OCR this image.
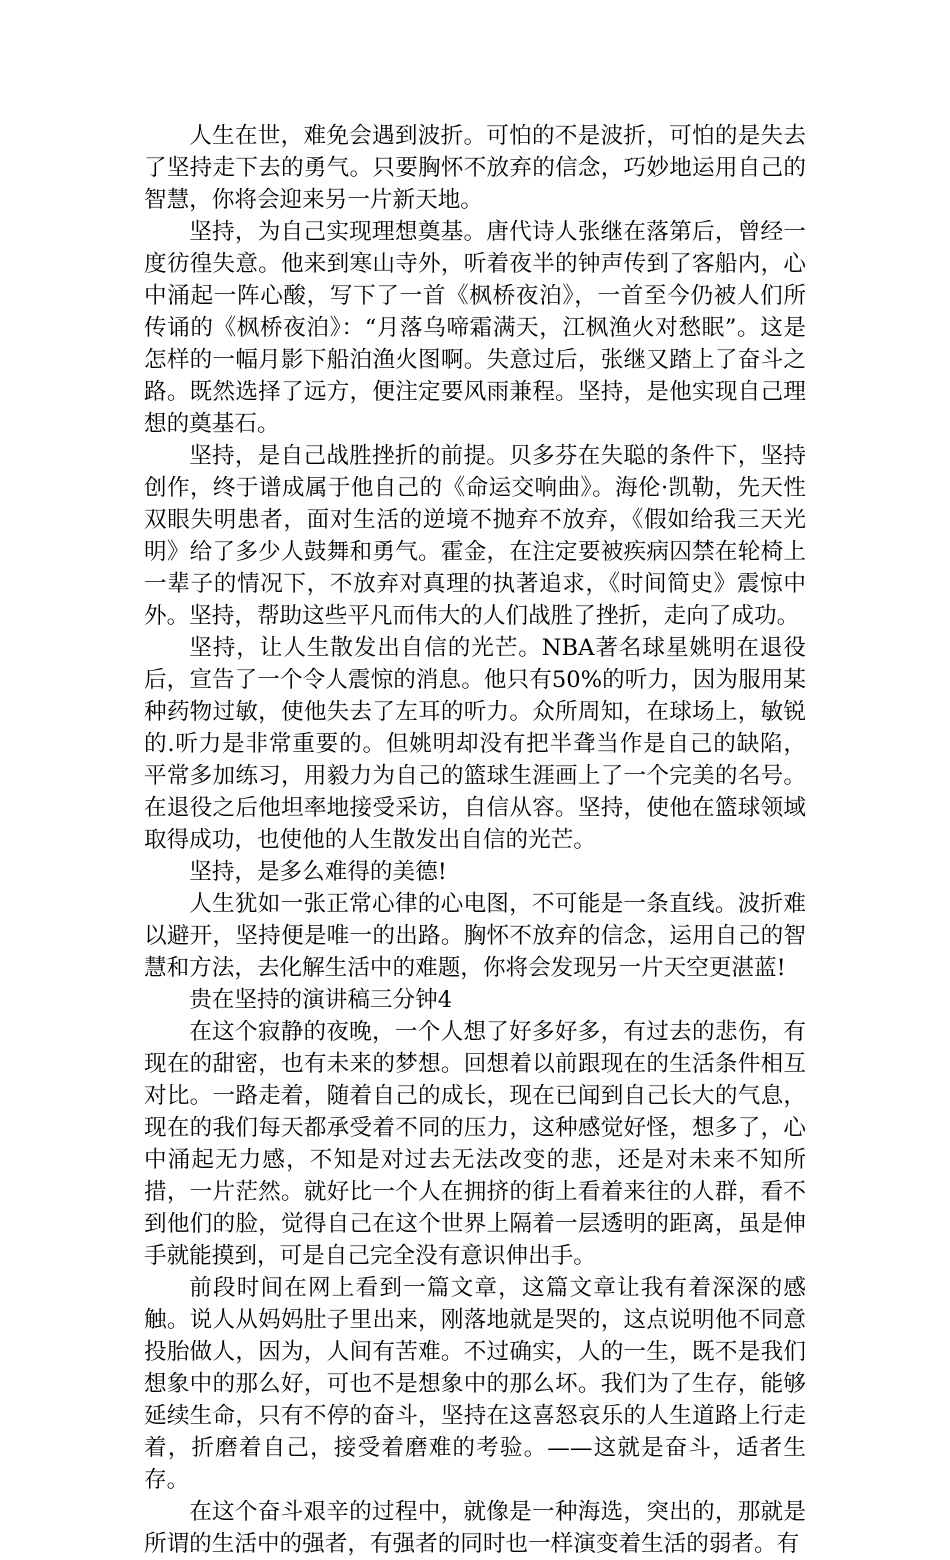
人生在世，难免会遇到波折。可怕的不是波折，可怕的是失去了坚持走下去的勇气。只要胸怀不放弃的信念，巧妙地运用自己的智慧，你将会迎来另一片新天地。

坚持，为自己实现理想奠基。唐代诗人张继在落第后，曾经一度彷徨失意。他来到寒山寺外，听着夜半的钟声传到了客船内，心中涌起一阵心酸，写下了一首《枫桥夜泊》，一首至今仍被人们所传诵的《枫桥夜泊》：“月落乌啼霜满天，江枫渔火对愁眠”。这是怎样的一幅月影下船泊渔火图啊。失意过后，张继又踏上了奋斗之路。既然选择了远方，便注定要风雨兼程。坚持，是他实现自己理想的奠基石。

坚持，是自己战胜挫折的前提。贝多芬在失聪的条件下，坚持创作，终于谱成属于他自己的《命运交响曲》。海伦·凯勒，先天性双眼失明患者，面对生活的逆境不抛弃不放弃，《假如给我三天光明》给了多少人鼓舞和勇气。霍金，在注定要被疾病囚禁在轮椅上一辈子的情况下，不放弃对真理的执著追求，《时间简史》震惊中外。坚持，帮助这些平凡而伟大的人们战胜了挫折，走向了成功。

坚持，让人生散发出自信的光芒。NBA著名球星姚明在退役后，宣告了一个令人震惊的消息。他只有50%的听力，因为服用某种药物过敏，使他失去了左耳的听力。众所周知，在球场上，敏锐的.听力是非常重要的。但姚明却没有把半聋当作是自己的缺陷，平常多加练习，用毅力为自己的篮球生涯画上了一个完美的名号。在退役之后他坦率地接受采访，自信从容。坚持，使他在篮球领域取得成功，也使他的人生散发出自信的光芒。

坚持，是多么难得的美德!

人生犹如一张正常心律的心电图，不可能是一条直线。波折难以避开，坚持便是唯一的出路。胸怀不放弃的信念，运用自己的智慧和方法，去化解生活中的难题，你将会发现另一片天空更湛蓝!

贵在坚持的演讲稿三分钟4

在这个寂静的夜晚，一个人想了好多好多，有过去的悲伤，有现在的甜密，也有未来的梦想。回想着以前跟现在的生活条件相互对比。一路走着，随着自己的成长，现在已闻到自己长大的气息，现在的我们每天都承受着不同的压力，这种感觉好怪，想多了，心中涌起无力感，不知是对过去无法改变的悲，还是对未来不知所措，一片茫然。就好比一个人在拥挤的街上看着来往的人群，看不到他们的脸，觉得自己在这个世界上隔着一层透明的距离，虽是伸手就能摸到，可是自己完全没有意识伸出手。

前段时间在网上看到一篇文章，这篇文章让我有着深深的感触。说人从妈妈肚子里出来，刚落地就是哭的，这点说明他不同意投胎做人，因为，人间有苦难。不过确实，人的一生，既不是我们想象中的那么好，可也不是想象中的那么坏。我们为了生存，能够延续生命，只有不停的奋斗，坚持在这喜怒哀乐的人生道路上行走着，折磨着自己，接受着磨难的考验。——这就是奋斗，适者生存。

在这个奋斗艰辛的过程中，就像是一种海选，突出的，那就是所谓的生活中的强者，有强者的同时也一样演变着生活的弱者。有
